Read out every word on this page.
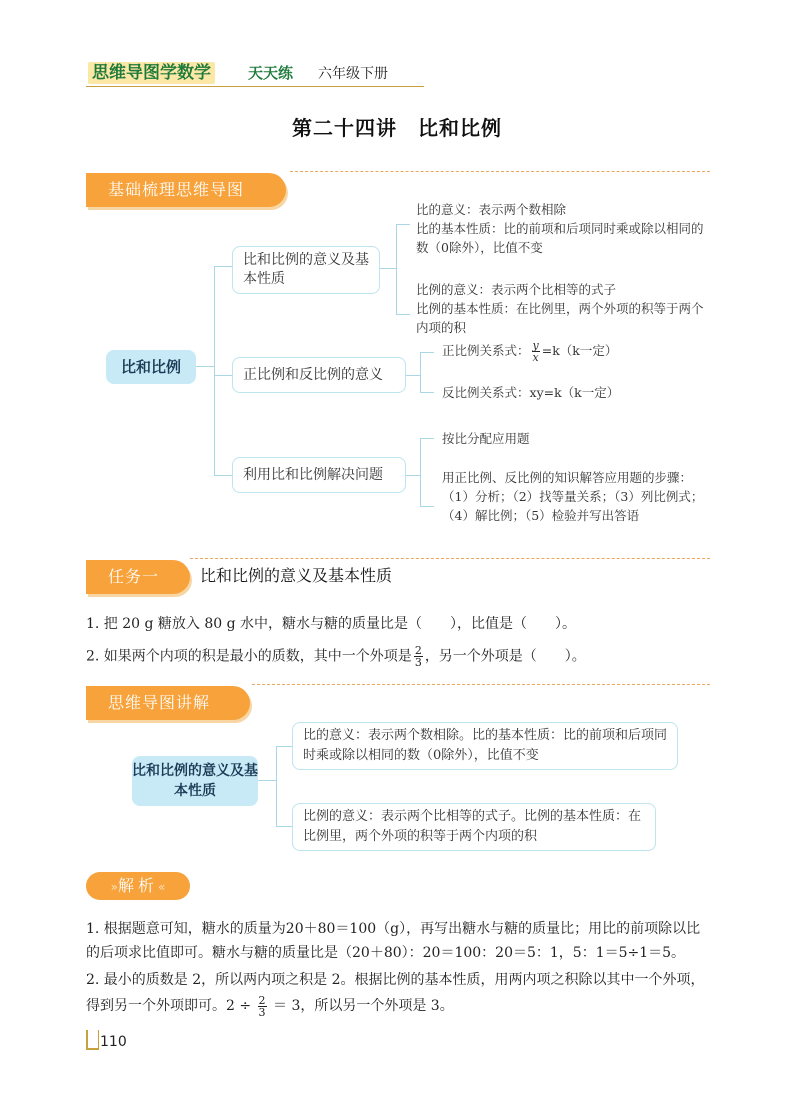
思维导图学数学 天天练 六年级下册
第二十四讲　比和比例
基础梳理思维导图
比和比例
比和比例的意义及基本性质
正比例和反比例的意义
利用比和比例解决问题
比的意义：表示两个数相除
比的基本性质：比的前项和后项同时乘或除以相同的数（0除外），比值不变
比例的意义：表示两个比相等的式子
比例的基本性质：在比例里，两个外项的积等于两个内项的积
正比例关系式： $\frac{y}{x} =k(k$一定）
反比例关系式：xy=k（k一定）
按比分配应用题
用正比例、反比例的知识解答应用题的步骤：（1）分析；（2）找等量关系；（3）列比例式；（4）解比例；（5）检验并写出答语
任务一	比和比例的意义及基本性质
1. 把 20 g 糖放入 80 g 水中，糖水与糖的质量比是（　　），比值是（　　）。
2. 如果两个内项的积是最小的质数，其中一个外项是 $\frac{2}{3}$ ，另一个外项是（　　）。
思维导图讲解
比和比例的意义及基本性质
比的意义：表示两个数相除。比的基本性质：比的前项和后项同时乘或除以相同的数（0除外），比值不变
比例的意义：表示两个比相等的式子。比例的基本性质：在比例里，两个外项的积等于两个内项的积
»解析«
1. 根据题意可知，糖水的质量为20＋80＝100（g），再写出糖水与糖的质量比；用比的前项除以比的后项求比值即可。糖水与糖的质量比是（20＋80）：20＝100：20＝5：1，5：1＝5÷1＝5。
2. 最小的质数是 2，所以两内项之积是 2。根据比例的基本性质，用两内项之积除以其中一个外项，得到另一个外项即可。$2 \div \frac{2}{3} = 3$，所以另一个外项是 3。
110
